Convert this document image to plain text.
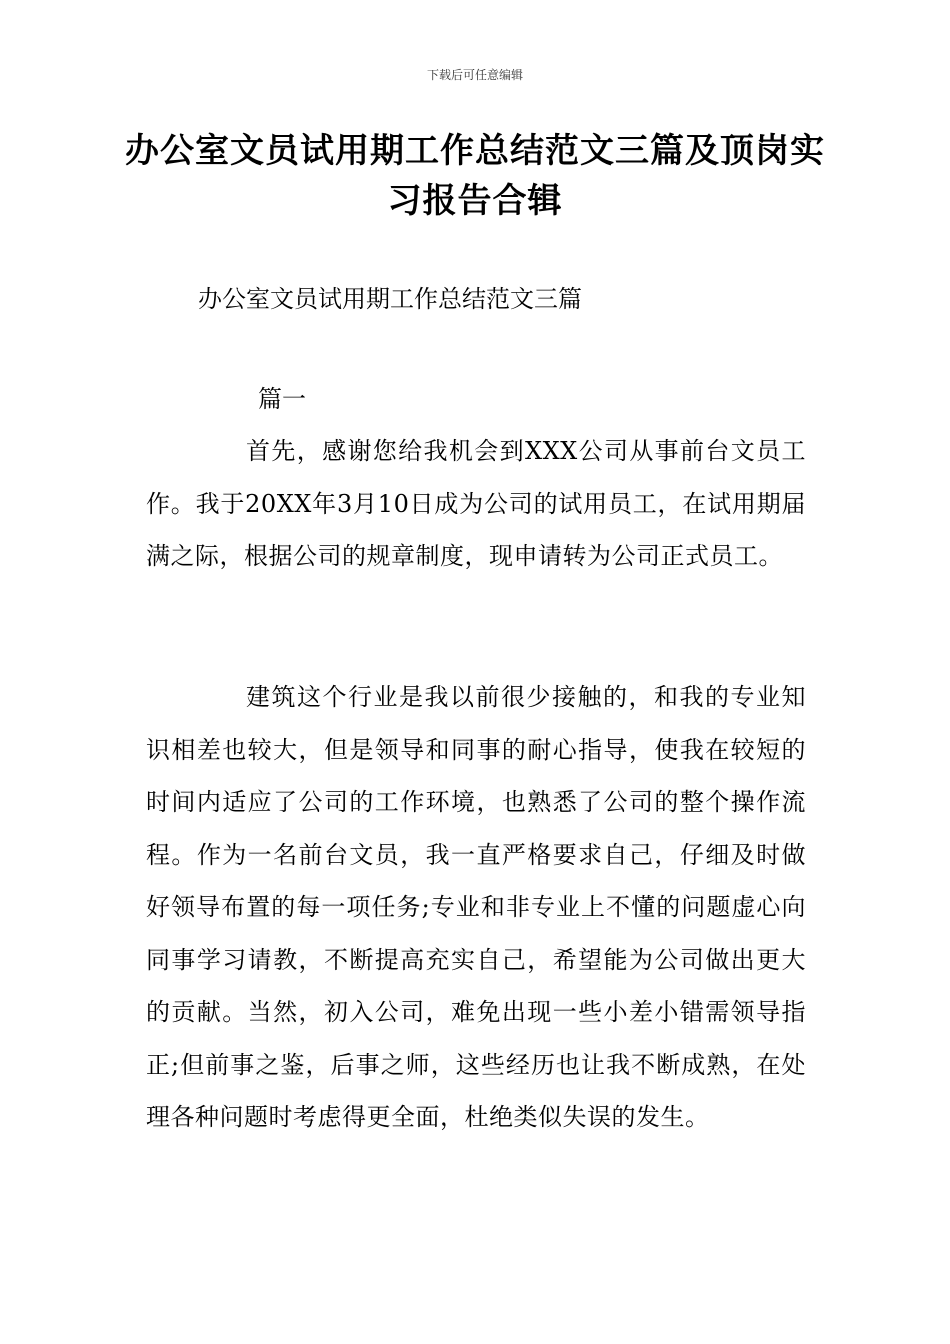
下载后可任意编辑
办公室文员试用期工作总结范文三篇及顶岗实习报告合辑
办公室文员试用期工作总结范文三篇
篇一
首先，感谢您给我机会到XXX公司从事前台文员工作。我于20XX年3月10日成为公司的试用员工，在试用期届满之际，根据公司的规章制度，现申请转为公司正式员工。
建筑这个行业是我以前很少接触的，和我的专业知识相差也较大，但是领导和同事的耐心指导，使我在较短的时间内适应了公司的工作环境，也熟悉了公司的整个操作流程。作为一名前台文员，我一直严格要求自己，仔细及时做好领导布置的每一项任务;专业和非专业上不懂的问题虚心向同事学习请教，不断提高充实自己，希望能为公司做出更大的贡献。当然，初入公司，难免出现一些小差小错需领导指正;但前事之鉴，后事之师，这些经历也让我不断成熟，在处理各种问题时考虑得更全面，杜绝类似失误的发生。
